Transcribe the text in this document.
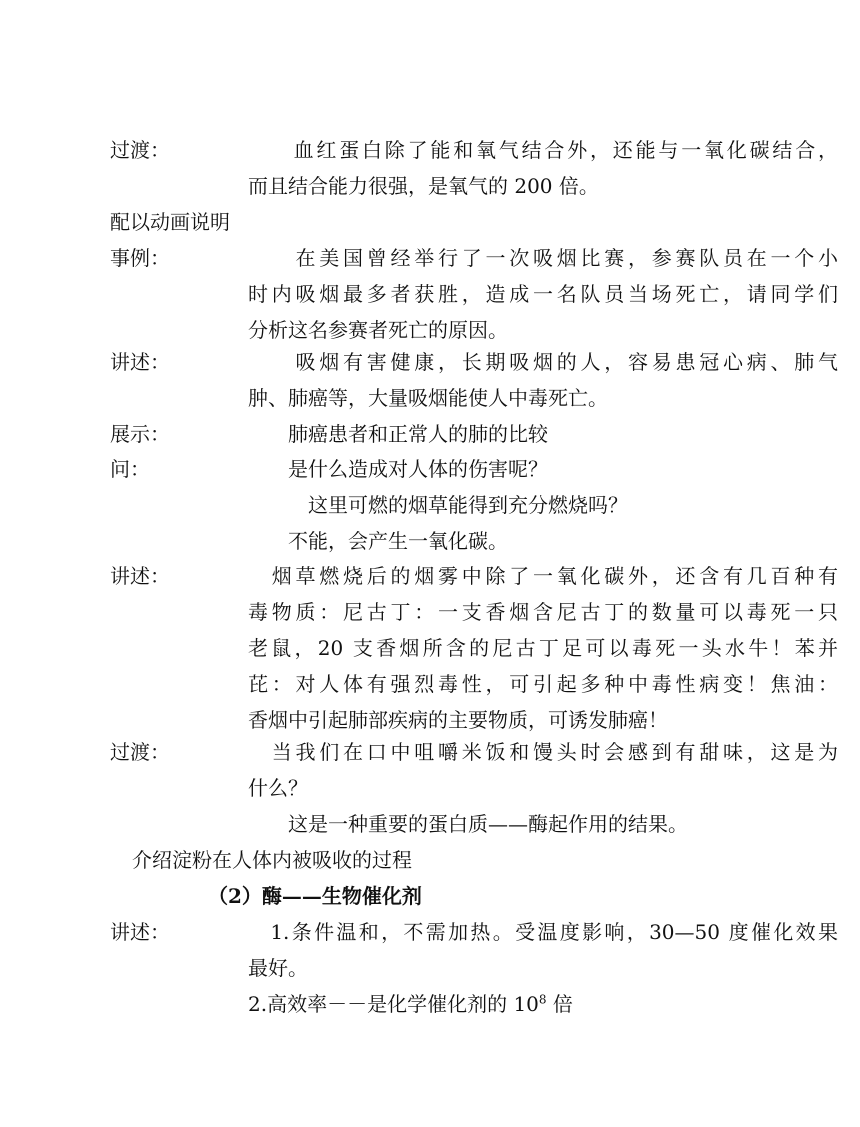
过渡：	　　血红蛋白除了能和氧气结合外，还能与一氧化碳结合，
而且结合能力很强，是氧气的 200 倍。
配以动画说明
事例：	　　在美国曾经举行了一次吸烟比赛，参赛队员在一个小
时内吸烟最多者获胜，造成一名队员当场死亡，请同学们
分析这名参赛者死亡的原因。
讲述：	　　吸烟有害健康，长期吸烟的人，容易患冠心病、肺气
肿、肺癌等，大量吸烟能使人中毒死亡。
展示：	　　肺癌患者和正常人的肺的比较
问：	　　是什么造成对人体的伤害呢？
　　　这里可燃的烟草能得到充分燃烧吗？
　　不能，会产生一氧化碳。
讲述：	　烟草燃烧后的烟雾中除了一氧化碳外，还含有几百种有
毒物质：尼古丁：一支香烟含尼古丁的数量可以毒死一只
老鼠，20 支香烟所含的尼古丁足可以毒死一头水牛！苯并
芘：对人体有强烈毒性，可引起多种中毒性病变！焦油：
香烟中引起肺部疾病的主要物质，可诱发肺癌！
过渡：	　当我们在口中咀嚼米饭和馒头时会感到有甜味，这是为
什么？
　　这是一种重要的蛋白质——酶起作用的结果。
介绍淀粉在人体内被吸收的过程
（2）酶——生物催化剂
讲述：	　1.条件温和，不需加热。受温度影响，30—50 度催化效果
最好。
2.高效率－－是化学催化剂的 $10^8$ 倍
